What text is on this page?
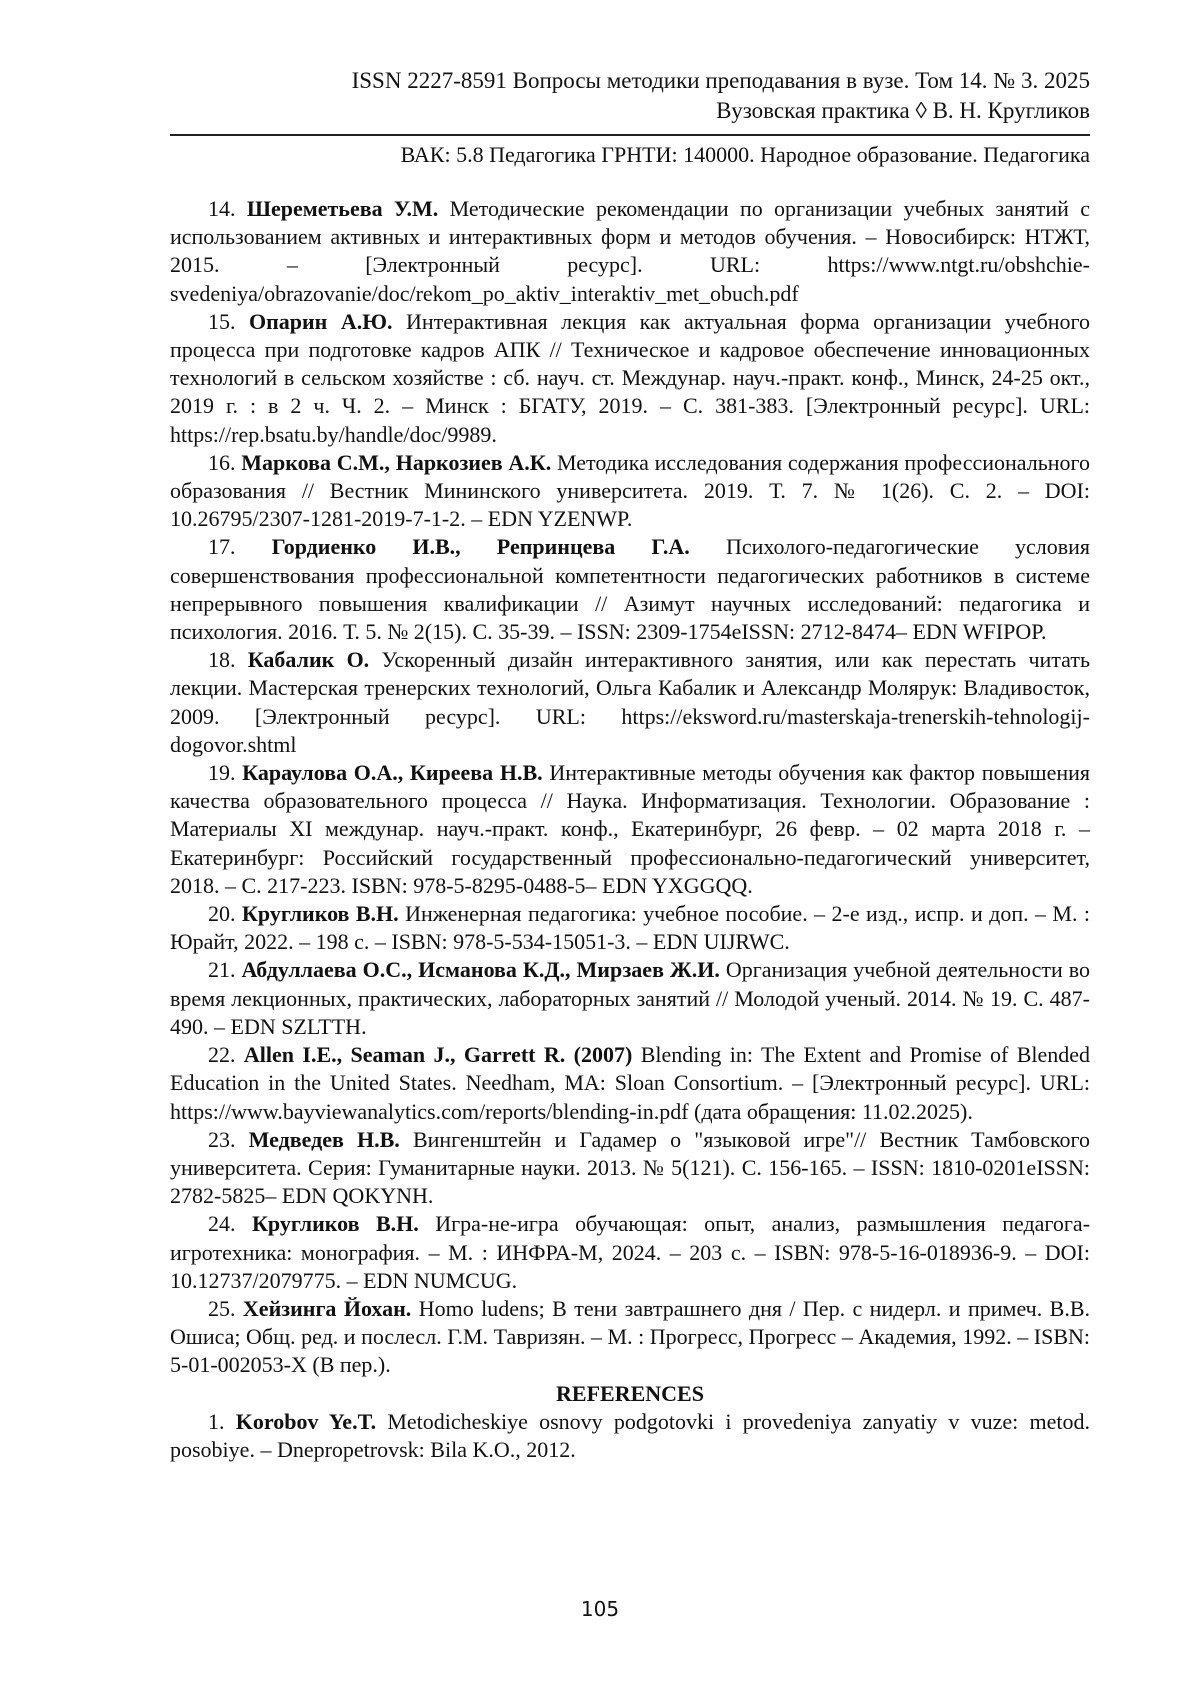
ISSN 2227-8591 Вопросы методики преподавания в вузе. Том 14. № 3. 2025
Вузовская практика ◊ В. Н. Кругликов
ВАК: 5.8 Педагогика ГРНТИ: 140000. Народное образование. Педагогика
14. Шереметьева У.М. Методические рекомендации по организации учебных занятий с использованием активных и интерактивных форм и методов обучения. – Новосибирск: НТЖТ, 2015. – [Электронный ресурс]. URL: https://www.ntgt.ru/obshchie-svedeniya/obrazovanie/doc/rekom_po_aktiv_interaktiv_met_obuch.pdf
15. Опарин А.Ю. Интерактивная лекция как актуальная форма организации учебного процесса при подготовке кадров АПК // Техническое и кадровое обеспечение инновационных технологий в сельском хозяйстве : сб. науч. ст. Междунар. науч.-практ. конф., Минск, 24-25 окт., 2019 г. : в 2 ч. Ч. 2. – Минск : БГАТУ, 2019. – С. 381-383. [Электронный ресурс]. URL: https://rep.bsatu.by/handle/doc/9989.
16. Маркова С.М., Наркозиев А.К. Методика исследования содержания профессионального образования // Вестник Мининского университета. 2019. Т. 7. № 1(26). С. 2. – DOI: 10.26795/2307-1281-2019-7-1-2. – EDN YZENWP.
17. Гордиенко И.В., Репринцева Г.А. Психолого-педагогические условия совершенствования профессиональной компетентности педагогических работников в системе непрерывного повышения квалификации // Азимут научных исследований: педагогика и психология. 2016. Т. 5. № 2(15). С. 35-39. – ISSN: 2309-1754eISSN: 2712-8474– EDN WFIPOP.
18. Кабалик О. Ускоренный дизайн интерактивного занятия, или как перестать читать лекции. Мастерская тренерских технологий, Ольга Кабалик и Александр Молярук: Владивосток, 2009. [Электронный ресурс]. URL: https://eksword.ru/masterskaja-trenerskih-tehnologij-dogovor.shtml
19. Караулова О.А., Киреева Н.В. Интерактивные методы обучения как фактор повышения качества образовательного процесса // Наука. Информатизация. Технологии. Образование : Материалы XI междунар. науч.-практ. конф., Екатеринбург, 26 февр. – 02 марта 2018 г. – Екатеринбург: Российский государственный профессионально-педагогический университет, 2018. – С. 217-223. ISBN: 978-5-8295-0488-5– EDN YXGGQQ.
20. Кругликов В.Н. Инженерная педагогика: учебное пособие. – 2-е изд., испр. и доп. – М. : Юрайт, 2022. – 198 с. – ISBN: 978-5-534-15051-3. – EDN UIJRWC.
21. Абдуллаева О.С., Исманова К.Д., Мирзаев Ж.И. Организация учебной деятельности во время лекционных, практических, лабораторных занятий // Молодой ученый. 2014. № 19. С. 487-490. – EDN SZLTTH.
22. Allen I.E., Seaman J., Garrett R. (2007) Blending in: The Extent and Promise of Blended Education in the United States. Needham, MA: Sloan Consortium. – [Электронный ресурс]. URL: https://www.bayviewanalytics.com/reports/blending-in.pdf (дата обращения: 11.02.2025).
23. Медведев Н.В. Вингенштейн и Гадамер о "языковой игре"// Вестник Тамбовского университета. Серия: Гуманитарные науки. 2013. № 5(121). С. 156-165. – ISSN: 1810-0201eISSN: 2782-5825– EDN QOKYNH.
24. Кругликов В.Н. Игра-не-игра обучающая: опыт, анализ, размышления педагога-игротехника: монография. – М. : ИНФРА-М, 2024. – 203 с. – ISBN: 978-5-16-018936-9. – DOI: 10.12737/2079775. – EDN NUMCUG.
25. Хейзинга Йохан. Homo ludens; В тени завтрашнего дня / Пер. с нидерл. и примеч. В.В. Ошиса; Общ. ред. и послесл. Г.М. Тавризян. – М. : Прогресс, Прогресс – Академия, 1992. – ISBN: 5-01-002053-X (В пер.).
REFERENCES
1. Korobov Ye.T. Metodicheskiye osnovy podgotovki i provedeniya zanyatiy v vuze: metod. posobiye. – Dnepropetrovsk: Bila K.O., 2012.
105
